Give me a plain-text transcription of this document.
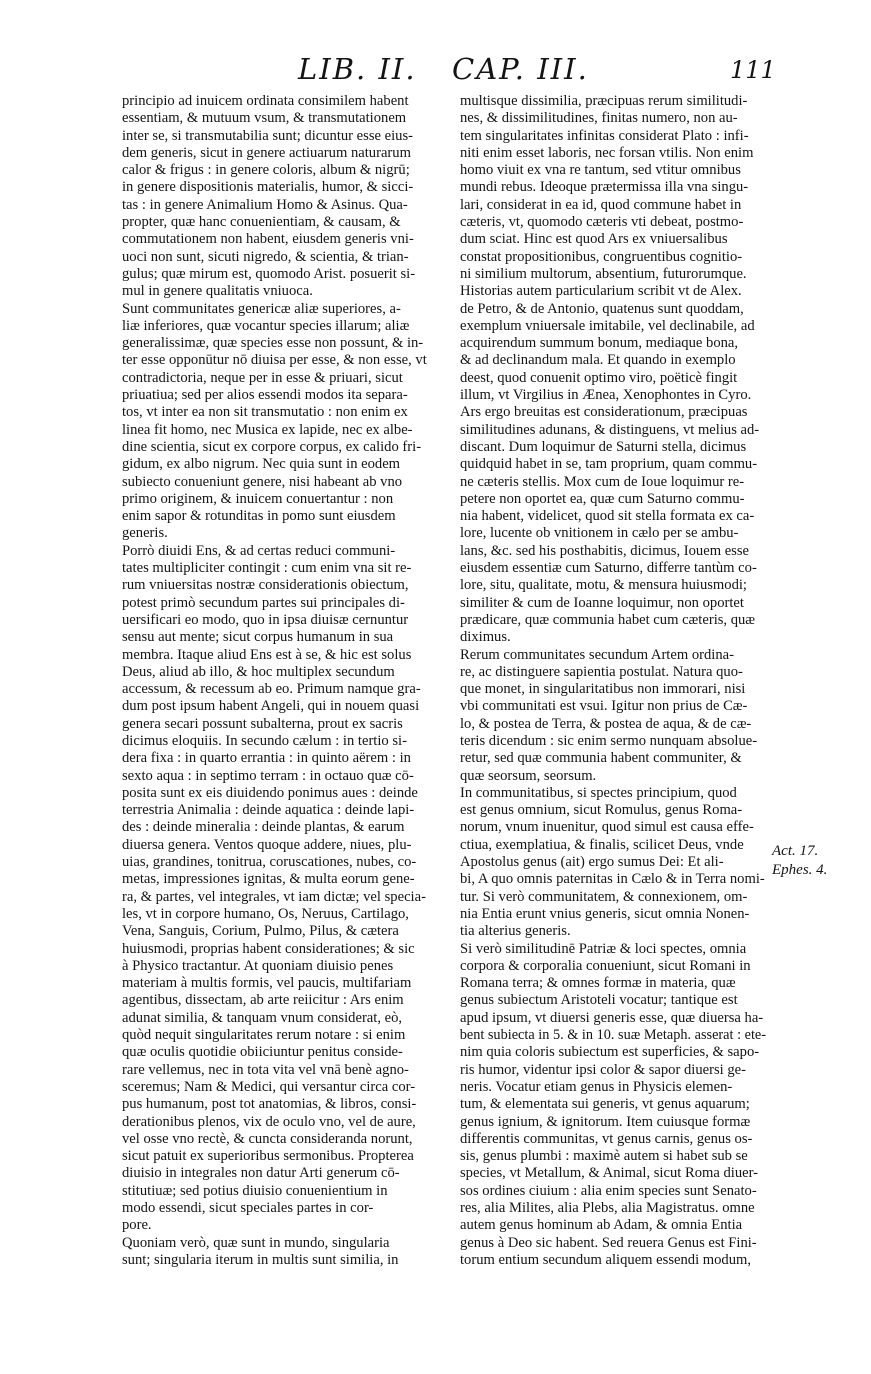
LIB. II. CAP. III.	111

principio ad inuicem ordinata consimilem habent
essentiam, & mutuum vsum, & transmutationem
inter se, si transmutabilia sunt; dicuntur esse eius-
dem generis, sicut in genere actiuarum naturarum
calor & frigus : in genere coloris, album & nigrū;
in genere dispositionis materialis, humor, & sicci-
tas : in genere Animalium Homo & Asinus. Qua-
propter, quæ hanc conuenientiam, & causam, &
commutationem non habent, eiusdem generis vni-
uoci non sunt, sicuti nigredo, & scientia, & trian-
gulus; quæ mirum est, quomodo Arist. posuerit si-
mul in genere qualitatis vniuoca.

Sunt communitates genericæ aliæ superiores, a-
liæ inferiores, quæ vocantur species illarum; aliæ
generalissimæ, quæ species esse non possunt, & in-
ter esse opponūtur nō diuisa per esse, & non esse, vt
contradictoria, neque per in esse & priuari, sicut
priuatiua; sed per alios essendi modos ita separa-
tos, vt inter ea non sit transmutatio : non enim ex
linea fit homo, nec Musica ex lapide, nec ex albe-
dine scientia, sicut ex corpore corpus, ex calido fri-
gidum, ex albo nigrum. Nec quia sunt in eodem
subiecto conueniunt genere, nisi habeant ab vno
primo originem, & inuicem conuertantur : non
enim sapor & rotunditas in pomo sunt eiusdem
generis.

Porrò diuidi Ens, & ad certas reduci communi-
tates multipliciter contingit : cum enim vna sit re-
rum vniuersitas nostræ considerationis obiectum,
potest primò secundum partes sui principales di-
uersificari eo modo, quo in ipsa diuisæ cernuntur
sensu aut mente; sicut corpus humanum in sua
membra. Itaque aliud Ens est à se, & hic est solus
Deus, aliud ab illo, & hoc multiplex secundum
accessum, & recessum ab eo. Primum namque gra-
dum post ipsum habent Angeli, qui in nouem quasi
genera secari possunt subalterna, prout ex sacris
dicimus eloquiis. In secundo cælum : in tertio si-
dera fixa : in quarto errantia : in quinto aërem : in
sexto aqua : in septimo terram : in octauo quæ cō-
posita sunt ex eis diuidendo ponimus aues : deinde
terrestria Animalia : deinde aquatica : deinde lapi-
des : deinde mineralia : deinde plantas, & earum
diuersa genera. Ventos quoque addere, niues, plu-
uias, grandines, tonitrua, coruscationes, nubes, co-
metas, impressiones ignitas, & multa eorum gene-
ra, & partes, vel integrales, vt iam dictæ; vel specia-
les, vt in corpore humano, Os, Neruus, Cartilago,
Vena, Sanguis, Corium, Pulmo, Pilus, & cætera
huiusmodi, proprias habent considerationes; & sic
à Physico tractantur. At quoniam diuisio penes
materiam à multis formis, vel paucis, multifariam
agentibus, dissectam, ab arte reiicitur : Ars enim
adunat similia, & tanquam vnum considerat, eò,
quòd nequit singularitates rerum notare : si enim
quæ oculis quotidie obiiciuntur penitus conside-
rare vellemus, nec in tota vita vel vnā benè agno-
sceremus; Nam & Medici, qui versantur circa cor-
pus humanum, post tot anatomias, & libros, consi-
derationibus plenos, vix de oculo vno, vel de aure,
vel osse vno rectè, & cuncta consideranda norunt,
sicut patuit ex superioribus sermonibus. Propterea
diuisio in integrales non datur Arti generum cō-
stitutiuæ; sed potius diuisio conuenientium in
modo essendi, sicut speciales partes in cor-
pore.

Quoniam verò, quæ sunt in mundo, singularia
sunt; singularia iterum in multis sunt similia, in

multisque dissimilia, præcipuas rerum similitudi-
nes, & dissimilitudines, finitas numero, non au-
tem singularitates infinitas considerat Plato : infi-
niti enim esset laboris, nec forsan vtilis. Non enim
homo viuit ex vna re tantum, sed vtitur omnibus
mundi rebus. Ideoque prætermissa illa vna singu-
lari, considerat in ea id, quod commune habet in
cæteris, vt, quomodo cæteris vti debeat, postmo-
dum sciat. Hinc est quod Ars ex vniuersalibus
constat propositionibus, congruentibus cognitio-
ni similium multorum, absentium, futurorumque.
Historias autem particularium scribit vt de Alex.
de Petro, & de Antonio, quatenus sunt quoddam,
exemplum vniuersale imitabile, vel declinabile, ad
acquirendum summum bonum, mediaque bona,
& ad declinandum mala. Et quando in exemplo
deest, quod conuenit optimo viro, poëticè fingit
illum, vt Virgilius in Ænea, Xenophontes in Cyro.
Ars ergo breuitas est considerationum, præcipuas
similitudines adunans, & distinguens, vt melius ad-
discant. Dum loquimur de Saturni stella, dicimus
quidquid habet in se, tam proprium, quam commu-
ne cæteris stellis. Mox cum de Ioue loquimur re-
petere non oportet ea, quæ cum Saturno commu-
nia habent, videlicet, quod sit stella formata ex ca-
lore, lucente ob vnitionem in cælo per se ambu-
lans, &c. sed his posthabitis, dicimus, Iouem esse
eiusdem essentiæ cum Saturno, differre tantùm co-
lore, situ, qualitate, motu, & mensura huiusmodi;
similiter & cum de Ioanne loquimur, non oportet
prædicare, quæ communia habet cum cæteris, quæ
diximus.

Rerum communitates secundum Artem ordina-
re, ac distinguere sapientia postulat. Natura quo-
que monet, in singularitatibus non immorari, nisi
vbi communitati est vsui. Igitur non prius de Cæ-
lo, & postea de Terra, & postea de aqua, & de cæ-
teris dicendum : sic enim sermo nunquam absolue-
retur, sed quæ communia habent communiter, &
quæ seorsum, seorsum.

In communitatibus, si spectes principium, quod
est genus omnium, sicut Romulus, genus Roma-
norum, vnum inuenitur, quod simul est causa effe-
ctiua, exemplatiua, & finalis, scilicet Deus, vnde
Apostolus genus (ait) ergo sumus Dei: Et ali-
bi, A quo omnis paternitas in Cælo & in Terra nomi-
tur. Si verò communitatem, & connexionem, om-
nia Entia erunt vnius generis, sicut omnia Nonen-
tia alterius generis.

Si verò similitudinē Patriæ & loci spectes, omnia
corpora & corporalia conueniunt, sicut Romani in
Romana terra; & omnes formæ in materia, quæ
genus subiectum Aristoteli vocatur; tantique est
apud ipsum, vt diuersi generis esse, quæ diuersa ha-
bent subiecta in 5. & in 10. suæ Metaph. asserat : ete-
nim quia coloris subiectum est superficies, & sapo-
ris humor, videntur ipsi color & sapor diuersi ge-
neris. Vocatur etiam genus in Physicis elemen-
tum, & elementata sui generis, vt genus aquarum;
genus ignium, & ignitorum. Item cuiusque formæ
differentis communitas, vt genus carnis, genus os-
sis, genus plumbi : maximè autem si habet sub se
species, vt Metallum, & Animal, sicut Roma diuer-
sos ordines ciuium : alia enim species sunt Senato-
res, alia Milites, alia Plebs, alia Magistratus. omne
autem genus hominum ab Adam, & omnia Entia
genus à Deo sic habent. Sed reuera Genus est Fini-
torum entium secundum aliquem essendi modum,

Act. 17.
Ephes. 4.
